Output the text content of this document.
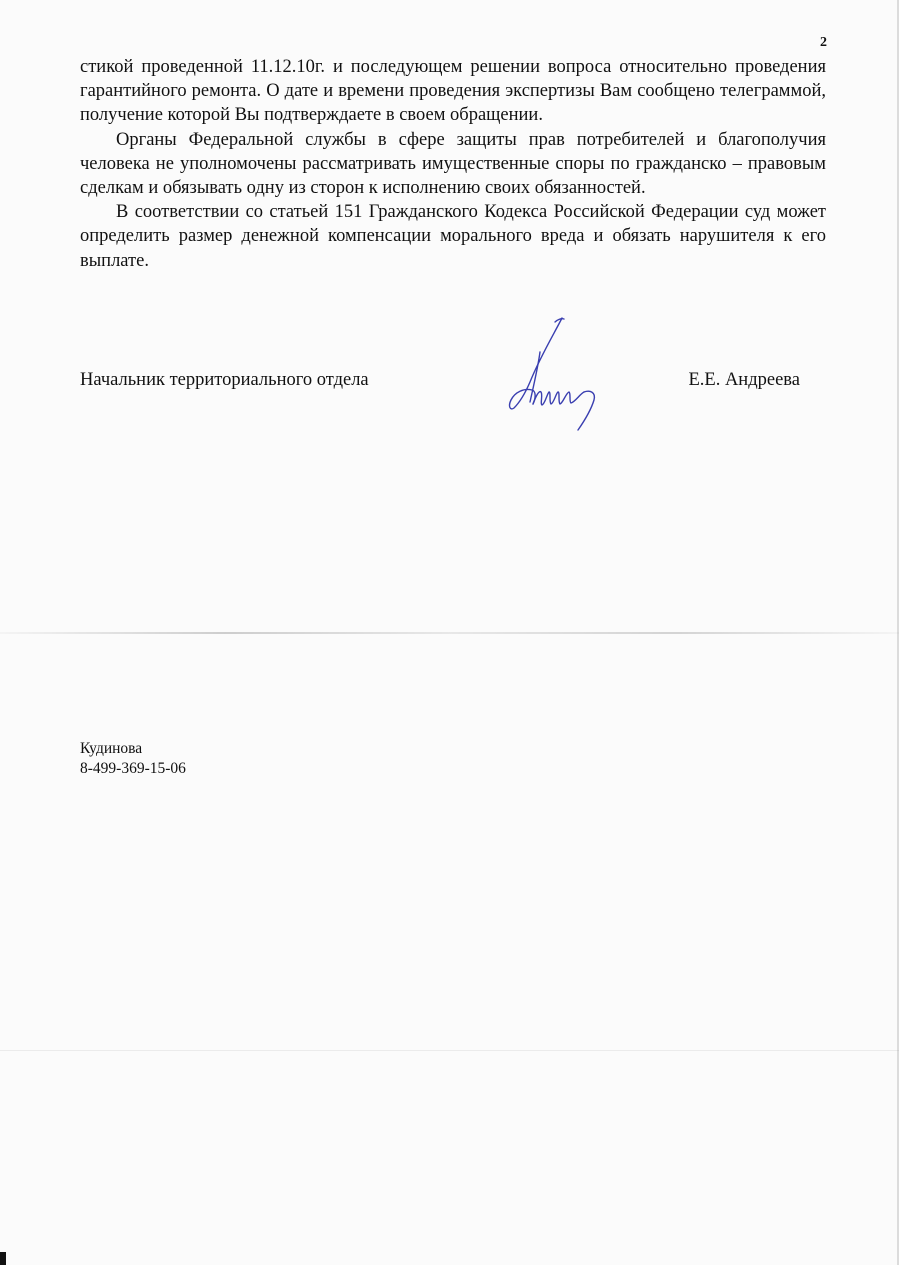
2

стикой проведенной 11.12.10г. и последующем решении вопроса относительно проведения гарантийного ремонта. О дате и времени проведения экспертизы Вам сообщено телеграммой, получение которой Вы подтверждаете в своем обращении.

Органы Федеральной службы в сфере защиты прав потребителей и благополучия человека не уполномочены рассматривать имущественные споры по гражданско – правовым сделкам и обязывать одну из сторон к исполнению своих обязанностей.

В соответствии со статьей 151 Гражданского Кодекса Российской Федерации суд может определить размер денежной компенсации морального вреда и обязать нарушителя к его выплате.

Начальник территориального отдела	Е.Е. Андреева
Кудинова
8-499-369-15-06
